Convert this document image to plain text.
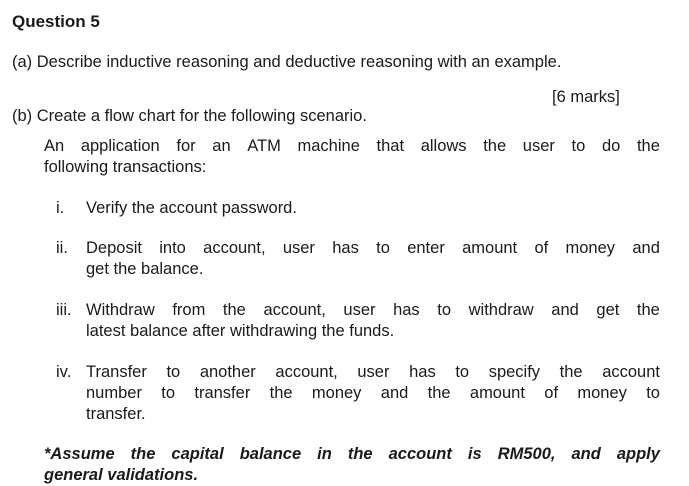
Question 5
(a) Describe inductive reasoning and deductive reasoning with an example.
[6 marks]
(b) Create a flow chart for the following scenario.
An application for an ATM machine that allows the user to do the
following transactions:
i.	Verify the account password.
ii.	Deposit into account, user has to enter amount of money and
get the balance.
iii. Withdraw from the account, user has to withdraw and get the
latest balance after withdrawing the funds.
iv. Transfer to another account, user has to specify the account
number to transfer the money and the amount of money to
transfer.
*Assume the capital balance in the account is RM500, and apply
general validations.
